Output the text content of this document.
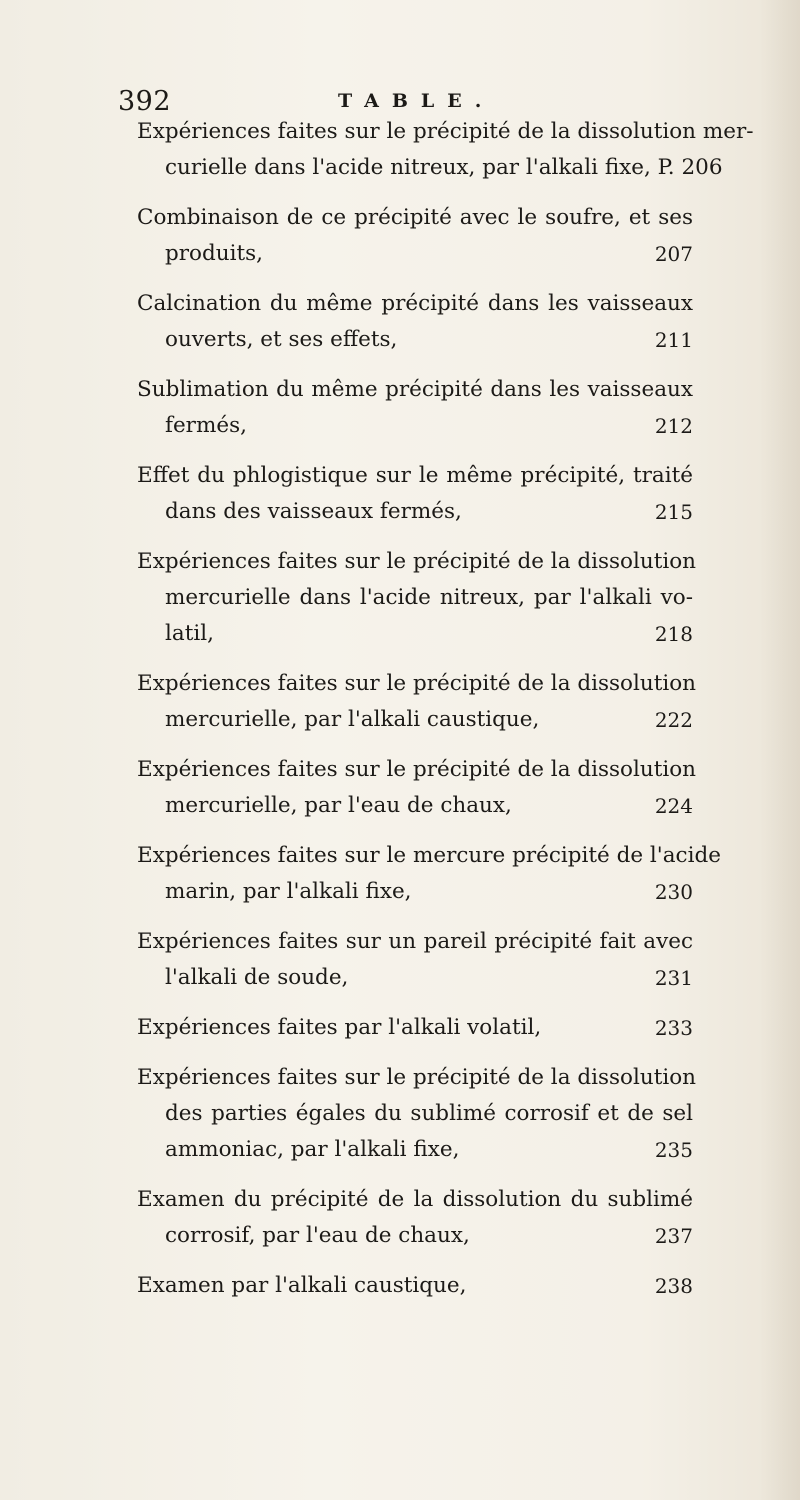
392	TABLE.
Expériences faites sur le précipité de la dissolution mer-
curielle dans l'acide nitreux, par l'alkali fixe, P. 206
Combinaison de ce précipité avec le soufre, et ses
produits,	207
Calcination du même précipité dans les vaisseaux
ouverts, et ses effets,	211
Sublimation du même précipité dans les vaisseaux
fermés,	212
Effet du phlogistique sur le même précipité, traité
dans des vaisseaux fermés,	215
Expériences faites sur le précipité de la dissolution
mercurielle dans l'acide nitreux, par l'alkali vo-
latil,	218
Expériences faites sur le précipité de la dissolution
mercurielle, par l'alkali caustique,	222
Expériences faites sur le précipité de la dissolution
mercurielle, par l'eau de chaux,	224
Expériences faites sur le mercure précipité de l'acide
marin, par l'alkali fixe,	230
Expériences faites sur un pareil précipité fait avec
l'alkali de soude,	231
Expériences faites par l'alkali volatil,	233
Expériences faites sur le précipité de la dissolution
des parties égales du sublimé corrosif et de sel
ammoniac, par l'alkali fixe,	235
Examen du précipité de la dissolution du sublimé
corrosif, par l'eau de chaux,	237
Examen par l'alkali caustique,	238
